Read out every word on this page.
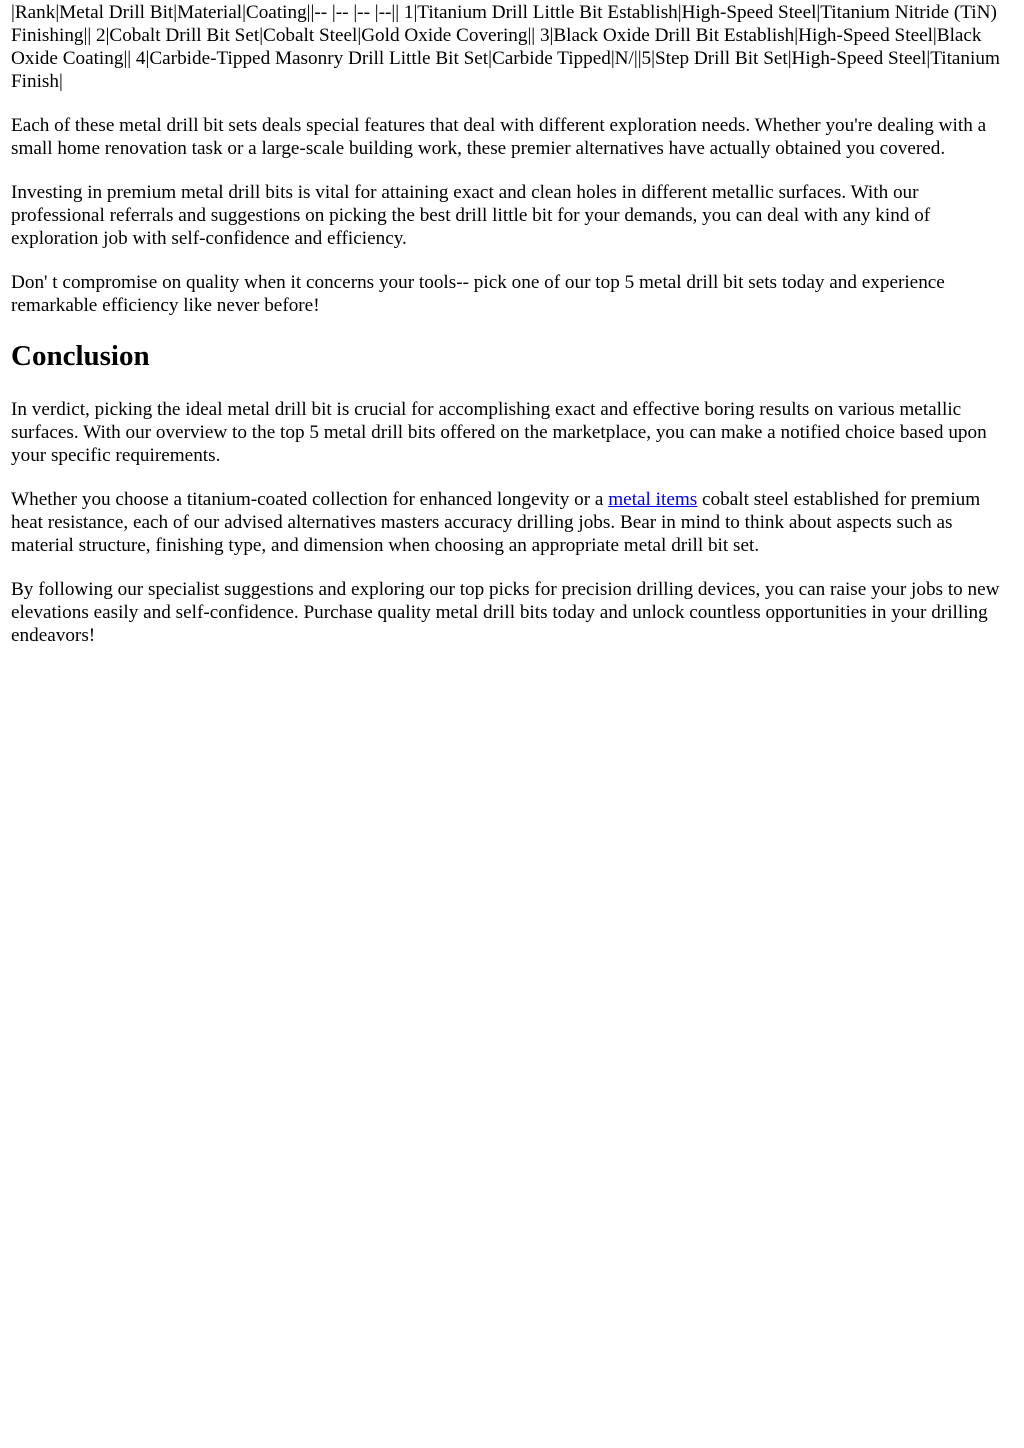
|Rank|Metal Drill Bit|Material|Coating||-- |-- |-- |--|| 1|Titanium Drill Little Bit Establish|High-Speed Steel|Titanium Nitride (TiN) Finishing|| 2|Cobalt Drill Bit Set|Cobalt Steel|Gold Oxide Covering|| 3|Black Oxide Drill Bit Establish|High-Speed Steel|Black Oxide Coating|| 4|Carbide-Tipped Masonry Drill Little Bit Set|Carbide Tipped|N/||5|Step Drill Bit Set|High-Speed Steel|Titanium Finish|

Each of these metal drill bit sets deals special features that deal with different exploration needs. Whether you're dealing with a small home renovation task or a large-scale building work, these premier alternatives have actually obtained you covered.

Investing in premium metal drill bits is vital for attaining exact and clean holes in different metallic surfaces. With our professional referrals and suggestions on picking the best drill little bit for your demands, you can deal with any kind of exploration job with self-confidence and efficiency.

Don' t compromise on quality when it concerns your tools-- pick one of our top 5 metal drill bit sets today and experience remarkable efficiency like never before!

Conclusion

In verdict, picking the ideal metal drill bit is crucial for accomplishing exact and effective boring results on various metallic surfaces. With our overview to the top 5 metal drill bits offered on the marketplace, you can make a notified choice based upon your specific requirements.

Whether you choose a titanium-coated collection for enhanced longevity or a metal items cobalt steel established for premium heat resistance, each of our advised alternatives masters accuracy drilling jobs. Bear in mind to think about aspects such as material structure, finishing type, and dimension when choosing an appropriate metal drill bit set.

By following our specialist suggestions and exploring our top picks for precision drilling devices, you can raise your jobs to new elevations easily and self-confidence. Purchase quality metal drill bits today and unlock countless opportunities in your drilling endeavors!
